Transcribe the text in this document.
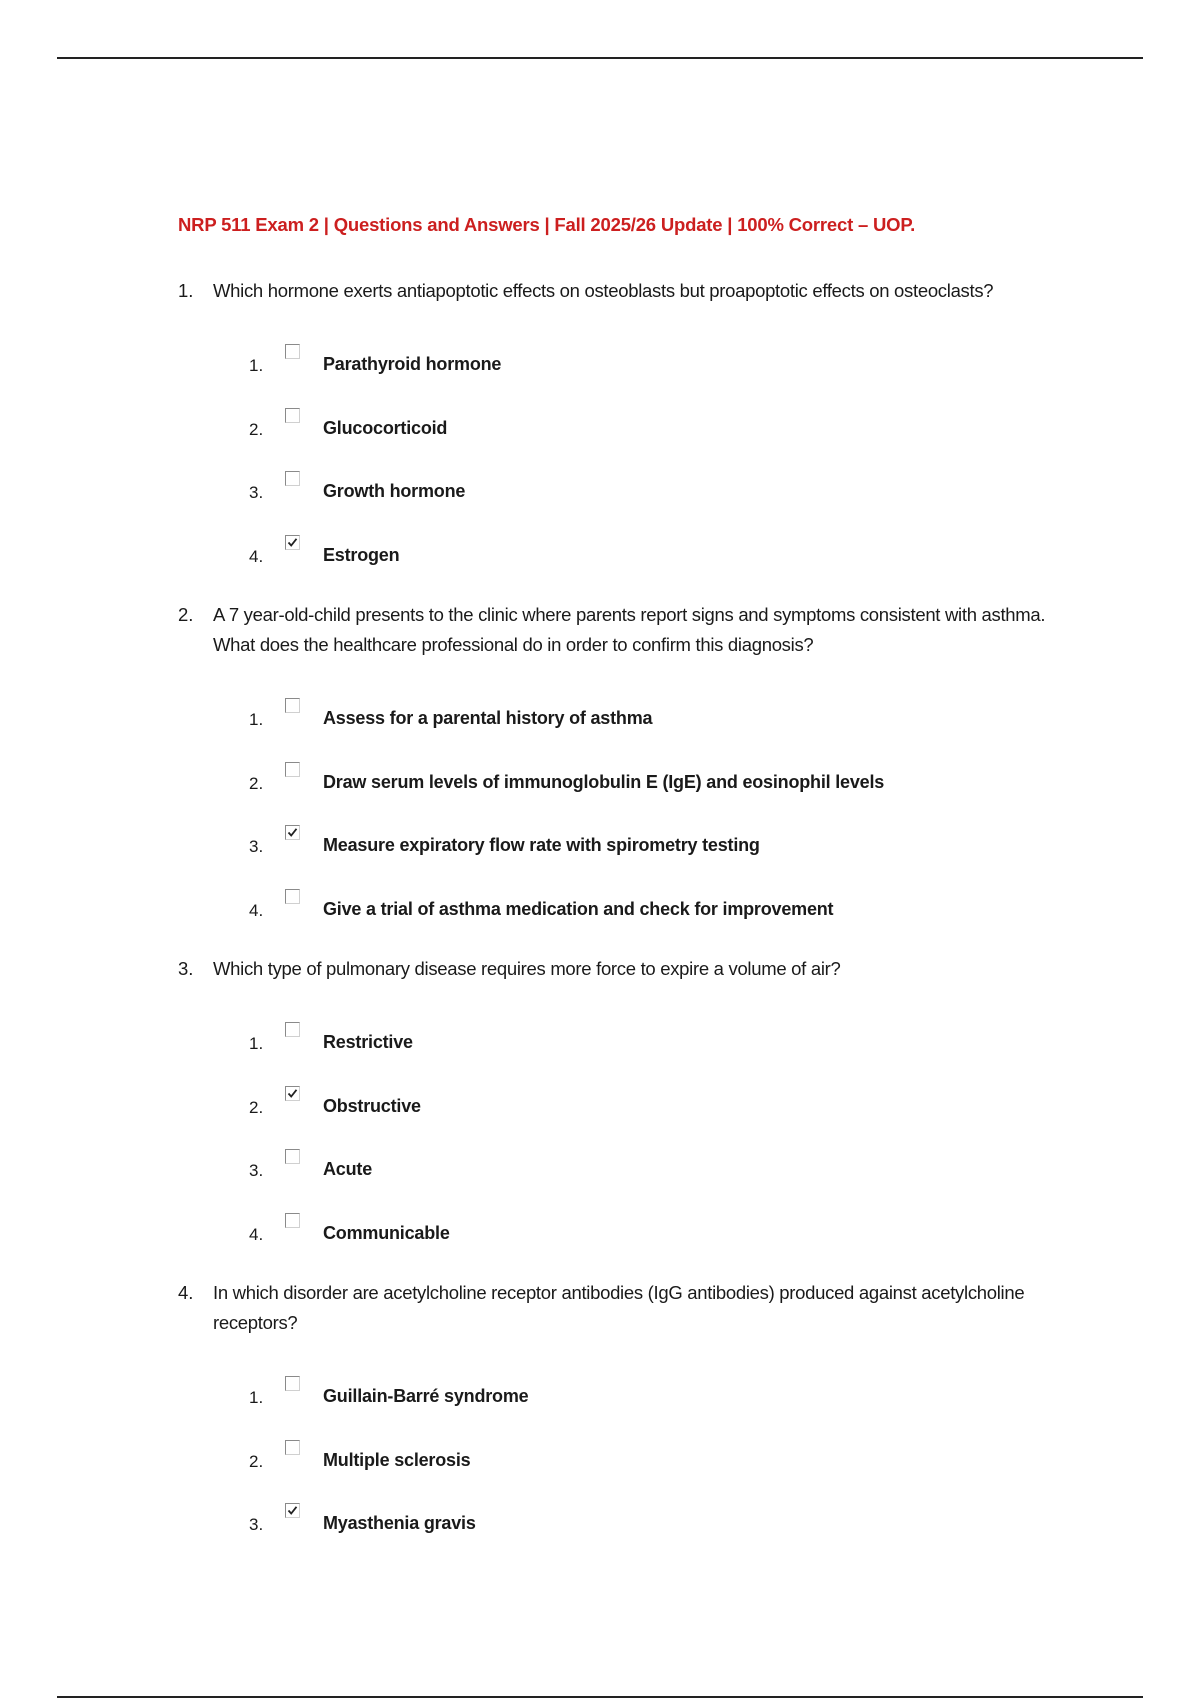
NRP 511 Exam 2 | Questions and Answers | Fall 2025/26 Update | 100% Correct – UOP.
1.	Which hormone exerts antiapoptotic effects on osteoblasts but proapoptotic effects on osteoclasts?
1.	Parathyroid hormone
2.	Glucocorticoid
3.	Growth hormone
4.	Estrogen
2.	A 7 year-old-child presents to the clinic where parents report signs and symptoms consistent with asthma. What does the healthcare professional do in order to confirm this diagnosis?
1.	Assess for a parental history of asthma
2.	Draw serum levels of immunoglobulin E (IgE) and eosinophil levels
3.	Measure expiratory flow rate with spirometry testing
4.	Give a trial of asthma medication and check for improvement
3.	Which type of pulmonary disease requires more force to expire a volume of air?
1.	Restrictive
2.	Obstructive
3.	Acute
4.	Communicable
4.	In which disorder are acetylcholine receptor antibodies (IgG antibodies) produced against acetylcholine receptors?
1.	Guillain-Barré syndrome
2.	Multiple sclerosis
3.	Myasthenia gravis
